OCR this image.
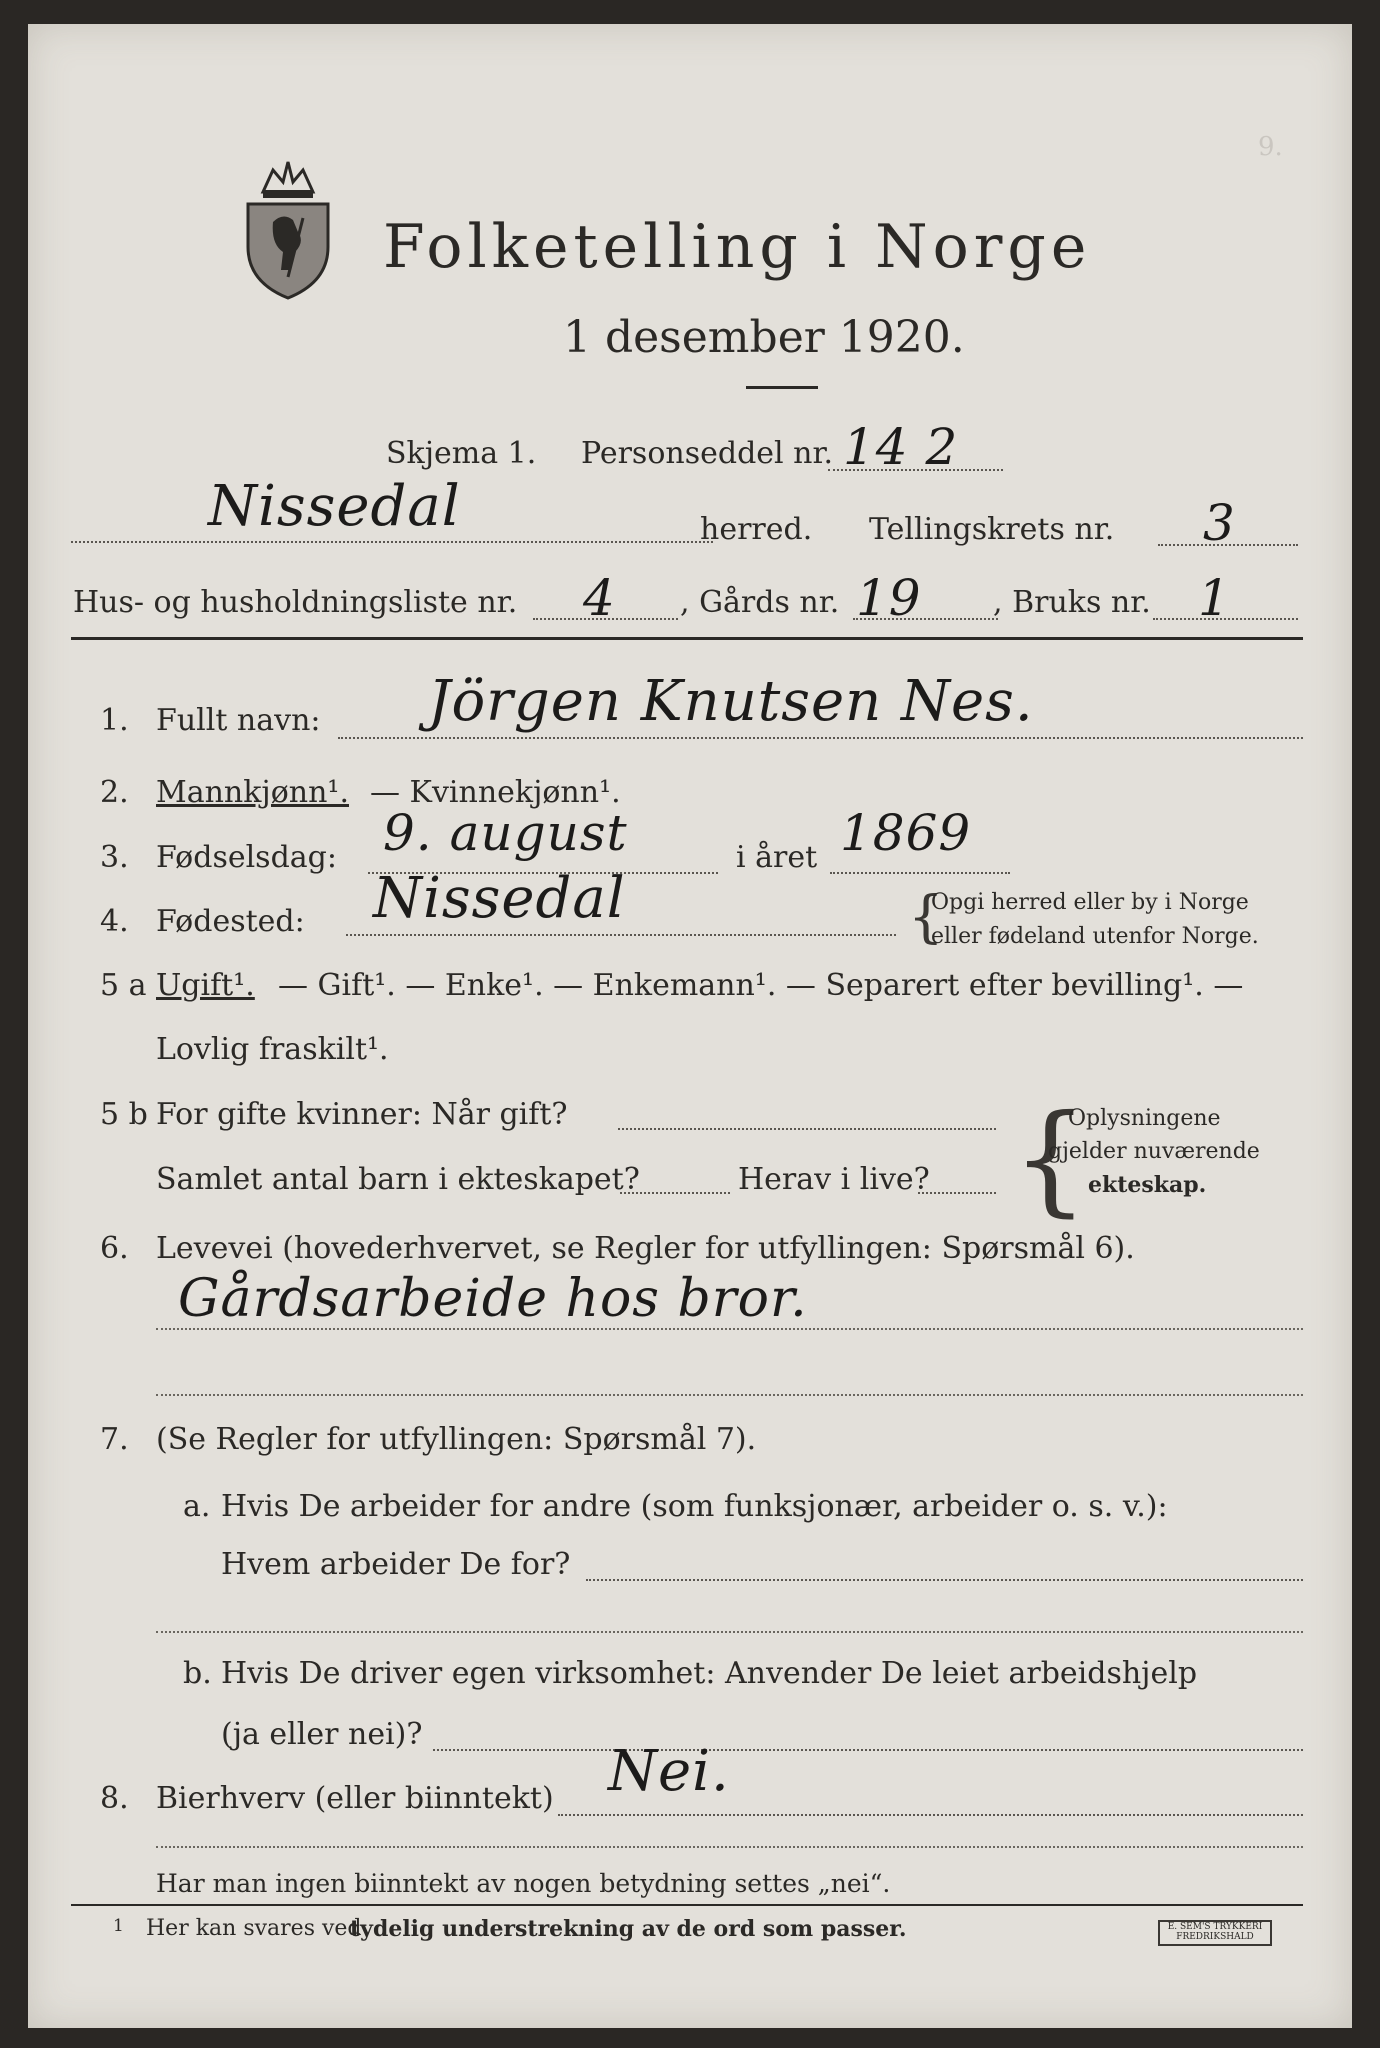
9.
Folketelling i Norge
1 desember 1920.
Skjema 1. Personseddel nr. 14 2
Nissedal	herred. Tellingskrets nr. 3
Hus- og husholdningsliste nr. 4 , Gårds nr. 19 , Bruks nr. 1
1. Fullt navn: Jörgen Knutsen Nes.
2. Mannkjønn¹. — Kvinnekjønn¹.
3. Fødselsdag: 9. august	i året 1869
4. Fødested: Nissedal	{
Opgi herred eller by i Norge
eller fødeland utenfor Norge.
5 a Ugift¹. — Gift¹. — Enke¹. — Enkemann¹. — Separert efter bevilling¹. —
Lovlig fraskilt¹.
5 b For gifte kvinner: Når gift?
Samlet antal barn i ekteskapet?	Herav i live? {
Oplysningene
gjelder nuværende
ekteskap.
6. Levevei (hovederhvervet, se Regler for utfyllingen: Spørsmål 6).
Gårdsarbeide hos bror.
7. (Se Regler for utfyllingen: Spørsmål 7).
a. Hvis De arbeider for andre (som funksjonær, arbeider o. s. v.):
Hvem arbeider De for?
b. Hvis De driver egen virksomhet: Anvender De leiet arbeidshjelp
(ja eller nei)?
8. Bierhverv (eller biinntekt) Nei.
Har man ingen biinntekt av nogen betydning settes „nei“.
1 Her kan svares ved
tydelig understrekning av de ord som passer.	E. SEM'S TRYKKERI FREDRIKSHALD
